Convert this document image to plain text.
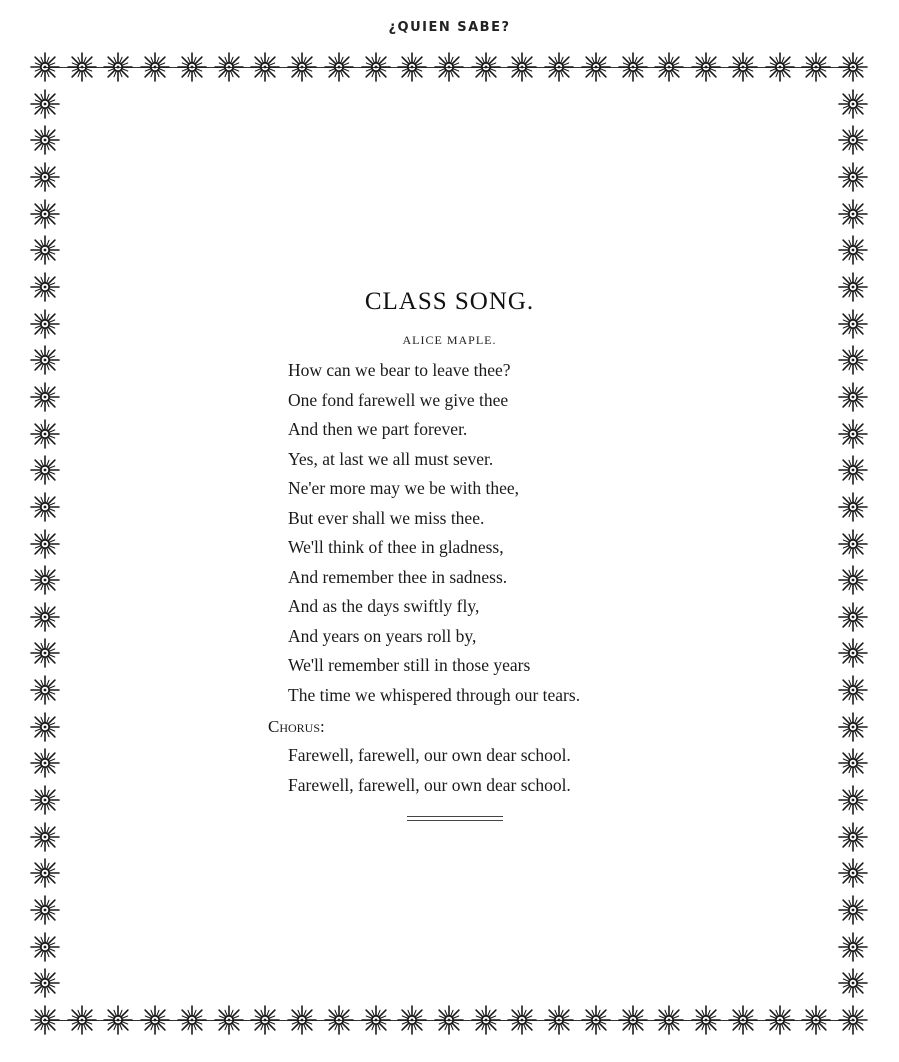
¿QUIEN SABE?
CLASS SONG.
ALICE MAPLE.
How can we bear to leave thee?
One fond farewell we give thee
And then we part forever.
Yes, at last we all must sever.
Ne'er more may we be with thee,
But ever shall we miss thee.
We'll think of thee in gladness,
And remember thee in sadness.
And as the days swiftly fly,
And years on years roll by,
We'll remember still in those years
The time we whispered through our tears.
Chorus:
Farewell, farewell, our own dear school.
Farewell, farewell, our own dear school.
